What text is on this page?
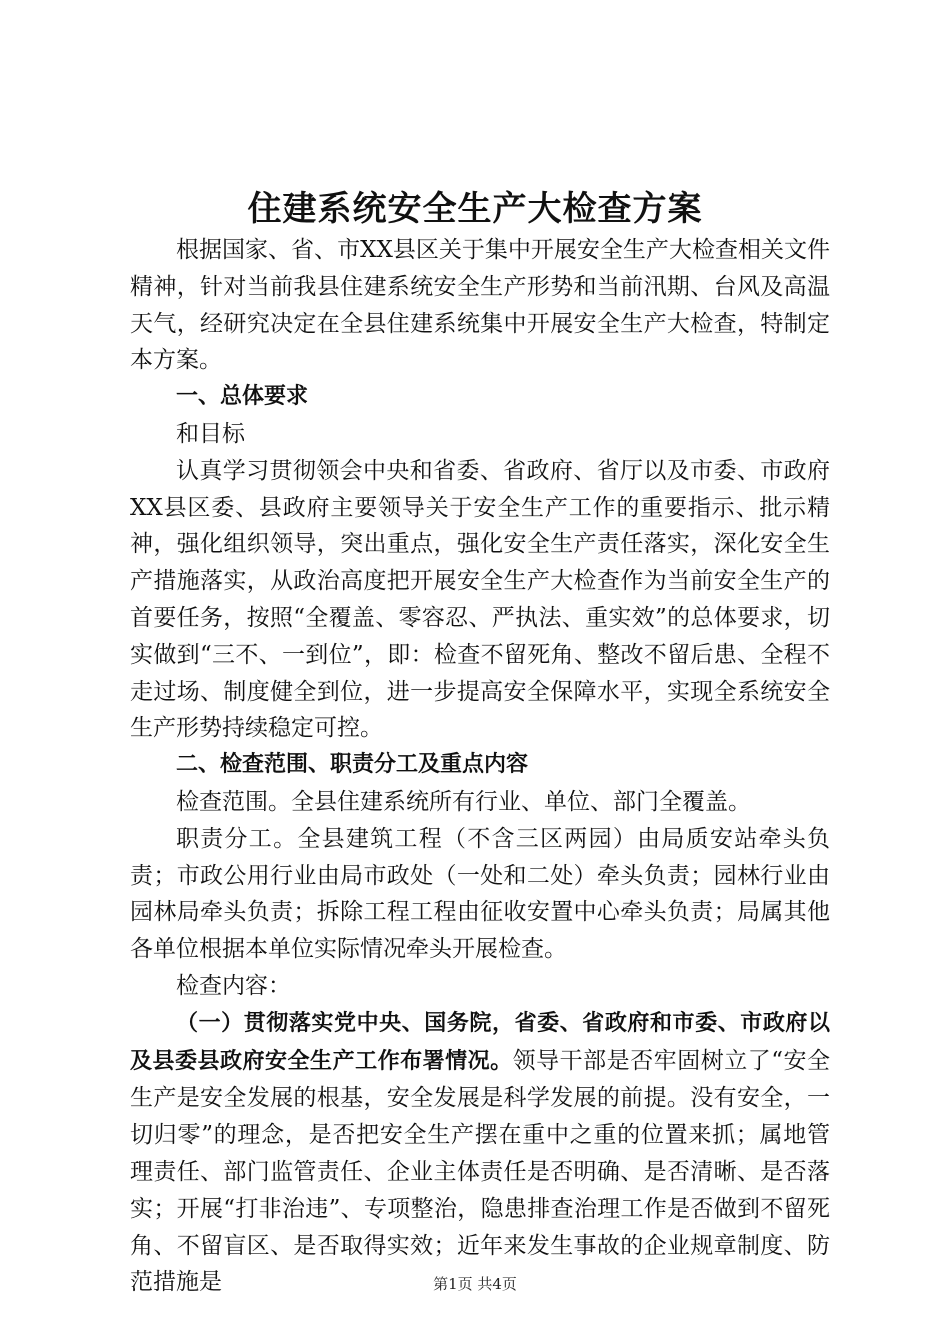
住建系统安全生产大检查方案

根据国家、省、市XX县区关于集中开展安全生产大检查相关文件精神，针对当前我县住建系统安全生产形势和当前汛期、台风及高温天气，经研究决定在全县住建系统集中开展安全生产大检查，特制定本方案。

一、总体要求

和目标

认真学习贯彻领会中央和省委、省政府、省厅以及市委、市政府XX县区委、县政府主要领导关于安全生产工作的重要指示、批示精神，强化组织领导，突出重点，强化安全生产责任落实，深化安全生产措施落实，从政治高度把开展安全生产大检查作为当前安全生产的首要任务，按照“全覆盖、零容忍、严执法、重实效”的总体要求，切实做到“三不、一到位”，即：检查不留死角、整改不留后患、全程不走过场、制度健全到位，进一步提高安全保障水平，实现全系统安全生产形势持续稳定可控。

二、检查范围、职责分工及重点内容

检查范围。全县住建系统所有行业、单位、部门全覆盖。

职责分工。全县建筑工程（不含三区两园）由局质安站牵头负责；市政公用行业由局市政处（一处和二处）牵头负责；园林行业由园林局牵头负责；拆除工程工程由征收安置中心牵头负责；局属其他各单位根据本单位实际情况牵头开展检查。

检查内容：

（一）贯彻落实党中央、国务院，省委、省政府和市委、市政府以及县委县政府安全生产工作布署情况。领导干部是否牢固树立了“安全生产是安全发展的根基，安全发展是科学发展的前提。没有安全，一切归零”的理念，是否把安全生产摆在重中之重的位置来抓；属地管理责任、部门监管责任、企业主体责任是否明确、是否清晰、是否落实；开展“打非治违”、专项整治，隐患排查治理工作是否做到不留死角、不留盲区、是否取得实效；近年来发生事故的企业规章制度、防范措施是	第1页 共4页
